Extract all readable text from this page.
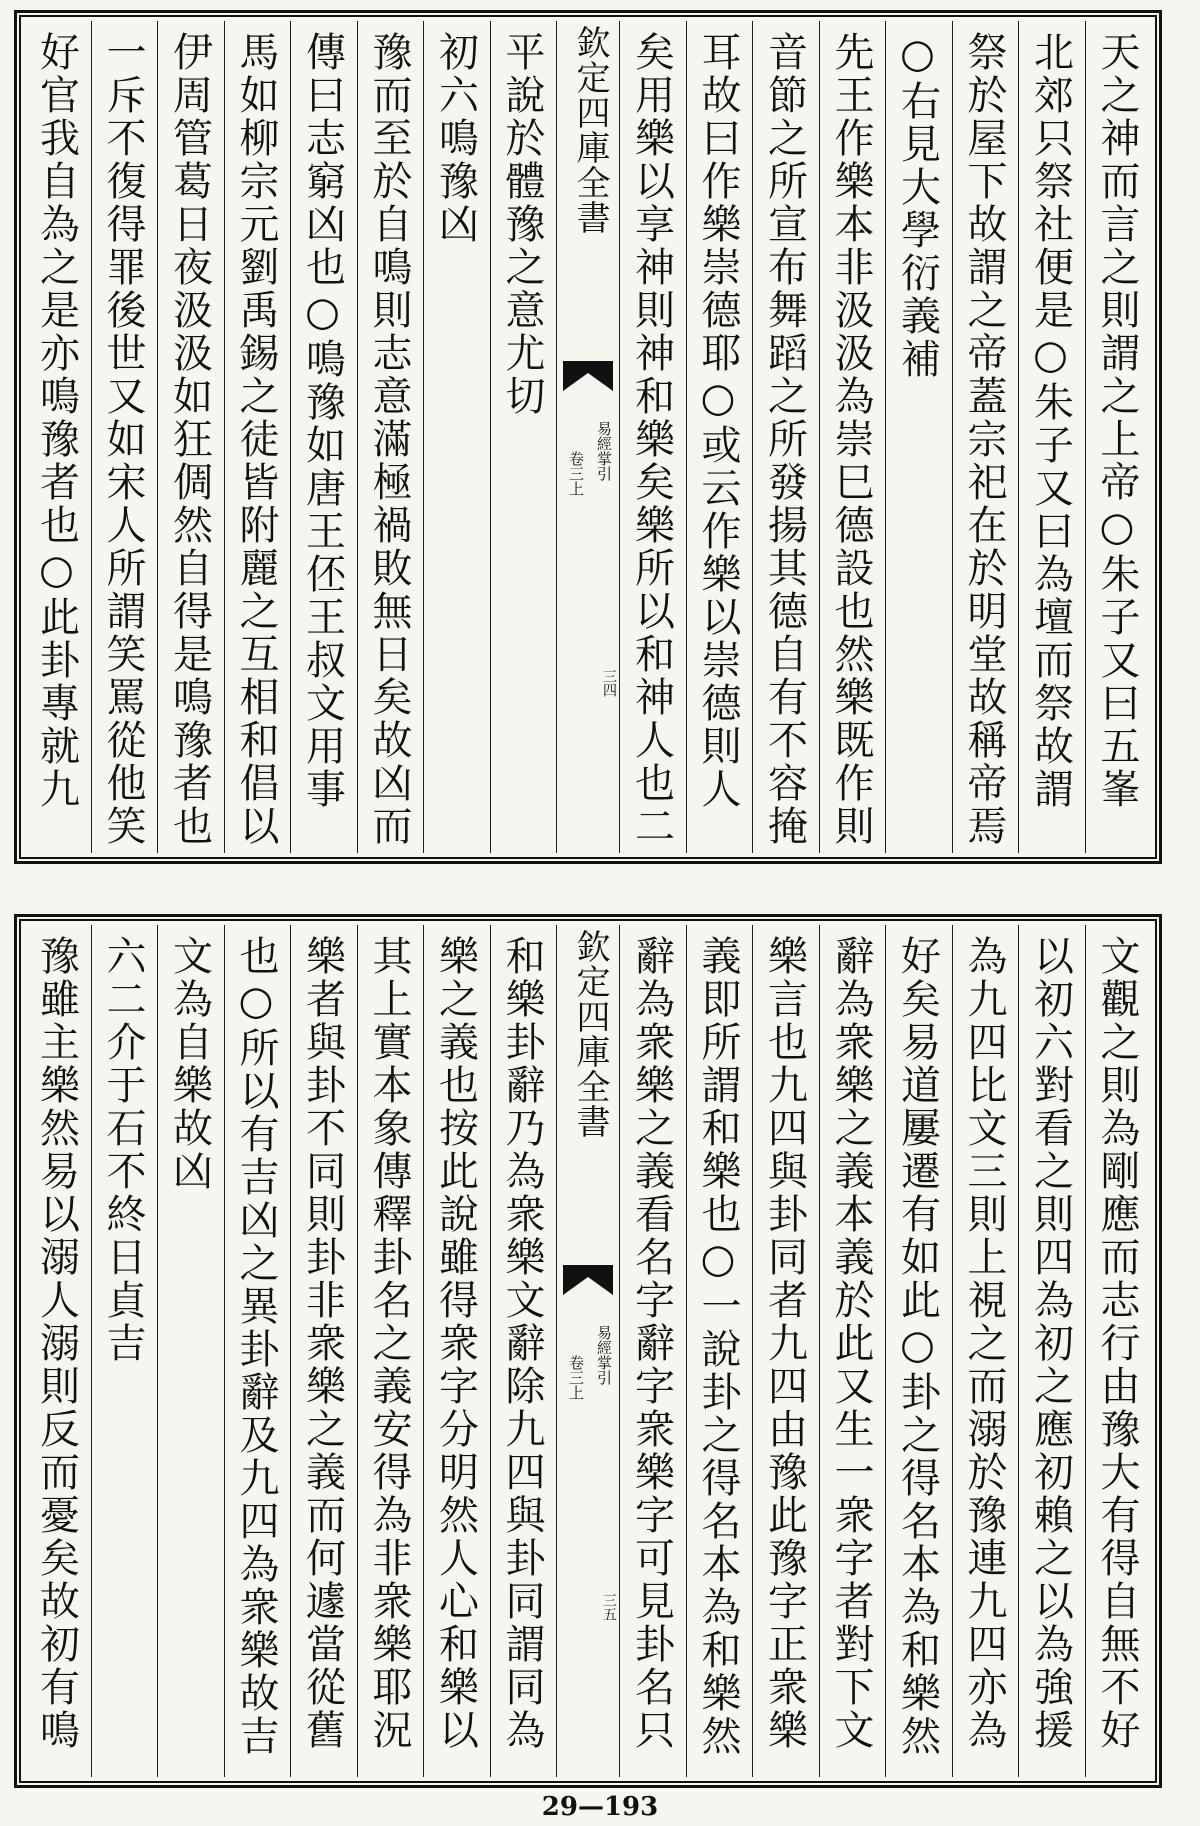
天之神而言之則謂之上帝○朱子又曰五峯
北郊只祭社便是○朱子又曰為壇而祭故謂
祭於屋下故謂之帝蓋宗祀在於明堂故稱帝焉
○右見大學衍義補
先王作樂本非汲汲為崇巳德設也然樂既作則
音節之所宣布舞蹈之所發揚其德自有不容掩
耳故曰作樂崇德耶○或云作樂以崇德則人
矣用樂以享神則神和樂矣樂所以和神人也二
欽定四庫全書
易經掌引
卷三上
三四
平說於體豫之意尤切
初六鳴豫凶
豫而至於自鳴則志意滿極禍敗無日矣故凶而
傳曰志窮凶也○鳴豫如唐王伾王叔文用事
馬如柳宗元劉禹錫之徒皆附麗之互相和倡以
伊周管葛日夜汲汲如狂倜然自得是鳴豫者也
一斥不復得罪後世又如宋人所謂笑罵從他笑
好官我自為之是亦鳴豫者也○此卦專就九
文觀之則為剛應而志行由豫大有得自無不好
以初六對看之則四為初之應初賴之以為強援
為九四比文三則上視之而溺於豫連九四亦為
好矣易道屢遷有如此○卦之得名本為和樂然
辭為衆樂之義本義於此又生一衆字者對下文
樂言也九四與卦同者九四由豫此豫字正衆樂
義即所謂和樂也○一說卦之得名本為和樂然
辭為衆樂之義看名字辭字衆樂字可見卦名只
欽定四庫全書
易經掌引
卷三上
三五
和樂卦辭乃為衆樂文辭除九四與卦同謂同為
樂之義也按此說雖得衆字分明然人心和樂以
其上實本象傳釋卦名之義安得為非衆樂耶況
樂者與卦不同則卦非衆樂之義而何遽當從舊
也○所以有吉凶之異卦辭及九四為衆樂故吉
文為自樂故凶
六二介于石不終日貞吉
豫雖主樂然易以溺人溺則反而憂矣故初有鳴
29—193
